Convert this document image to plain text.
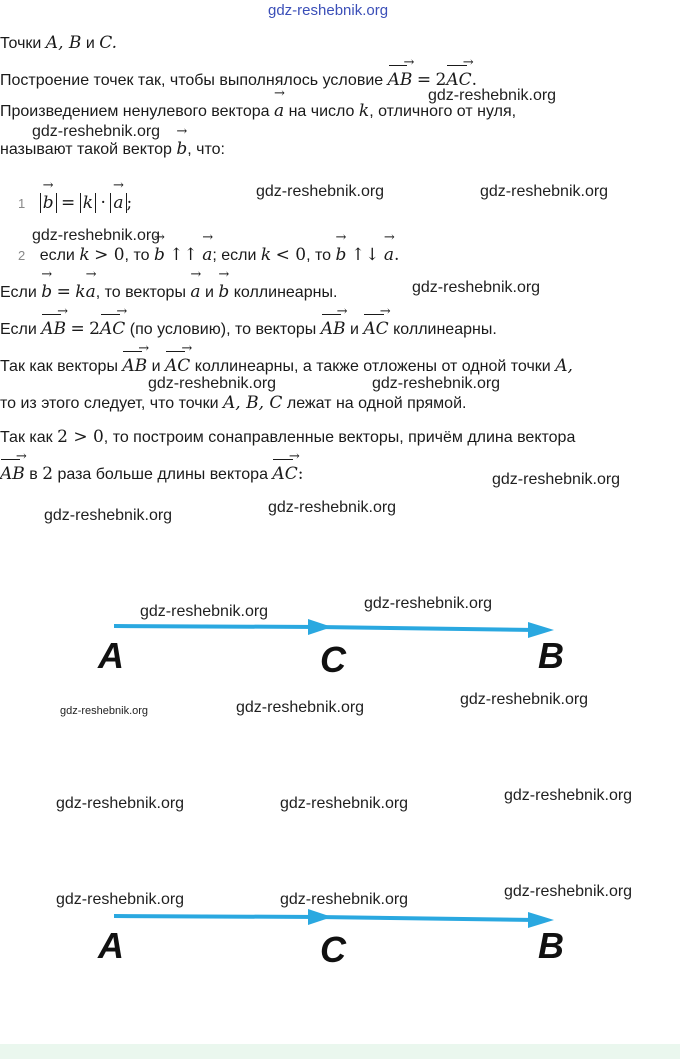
gdz-reshebnik.org
Точки A, B и C.
Построение точек так, чтобы выполнялось условие → AB = 2→ AC.
Произведением ненулевого вектора → a на число k, отличного от нуля,
называют такой вектор → b, что:
1 → b = k · → a ;
2 если k > 0, то → b ↑↑ → a; если k < 0, то → b ↑↓ → a.
Если → b = k→ a, то векторы → a и → b коллинеарны.
Если → AB = 2→ AC (по условию), то векторы → AB и → AC коллинеарны.
Так как векторы → AB и → AC коллинеарны, а также отложены от одной точки A,
то из этого следует, что точки A, B, C лежат на одной прямой.
Так как 2 > 0, то построим сонаправленные векторы, причём длина вектора
→ AB в 2 раза больше длины вектора → AC:
A	C	B
A	C	B
gdz-reshebnik.org
gdz-reshebnik.org
gdz-reshebnik.org	gdz-reshebnik.org
gdz-reshebnik.org
gdz-reshebnik.org
gdz-reshebnik.org	gdz-reshebnik.org
gdz-reshebnik.org
gdz-reshebnik.org
gdz-reshebnik.org
gdz-reshebnik.org
gdz-reshebnik.org
gdz-reshebnik.org
gdz-reshebnik.org
gdz-reshebnik.org
gdz-reshebnik.org
gdz-reshebnik.org	gdz-reshebnik.org
gdz-reshebnik.org
gdz-reshebnik.org	gdz-reshebnik.org
